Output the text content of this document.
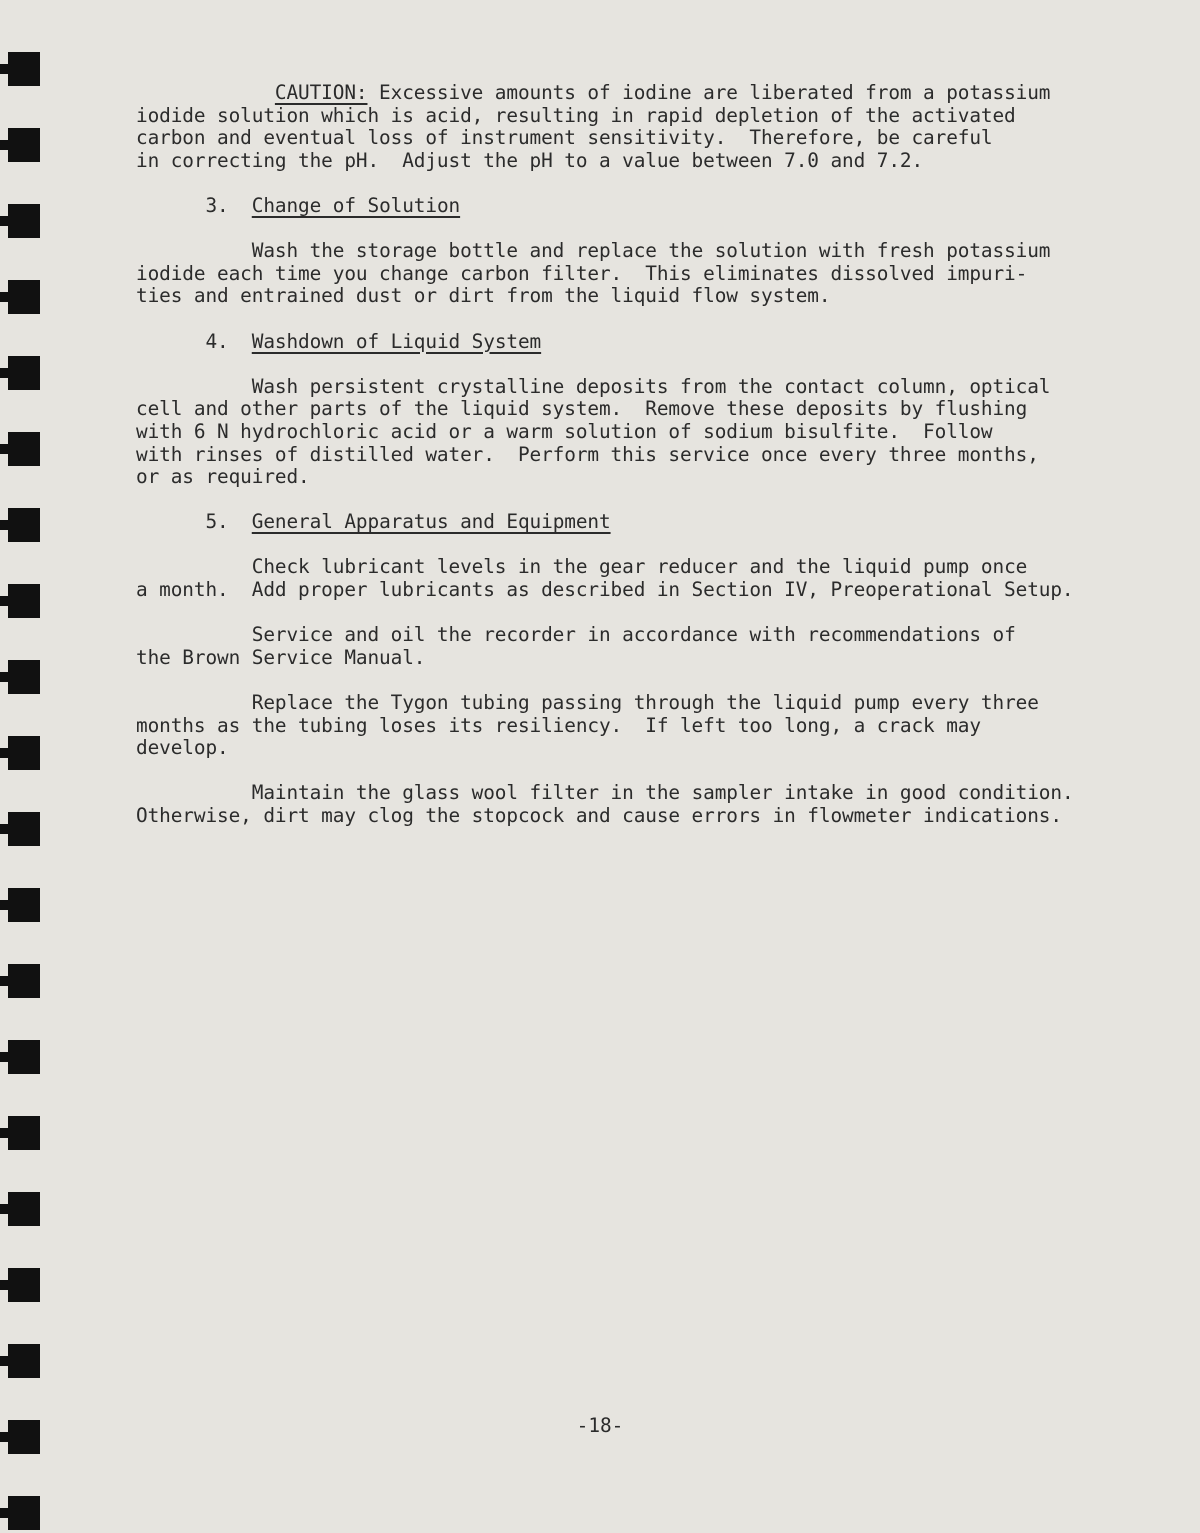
CAUTION: Excessive amounts of iodine are liberated from a potassium
iodide solution which is acid, resulting in rapid depletion of the activated
carbon and eventual loss of instrument sensitivity.  Therefore, be careful
in correcting the pH.  Adjust the pH to a value between 7.0 and 7.2.
3. Change of Solution
Wash the storage bottle and replace the solution with fresh potassium
iodide each time you change carbon filter.  This eliminates dissolved impuri-
ties and entrained dust or dirt from the liquid flow system.
4. Washdown of Liquid System
Wash persistent crystalline deposits from the contact column, optical
cell and other parts of the liquid system.  Remove these deposits by flushing
with 6 N hydrochloric acid or a warm solution of sodium bisulfite.  Follow
with rinses of distilled water.  Perform this service once every three months,
or as required.
5. General Apparatus and Equipment
Check lubricant levels in the gear reducer and the liquid pump once
a month.  Add proper lubricants as described in Section IV, Preoperational Setup.
Service and oil the recorder in accordance with recommendations of
the Brown Service Manual.
Replace the Tygon tubing passing through the liquid pump every three
months as the tubing loses its resiliency.  If left too long, a crack may
develop.
Maintain the glass wool filter in the sampler intake in good condition.
Otherwise, dirt may clog the stopcock and cause errors in flowmeter indications.
-18-
